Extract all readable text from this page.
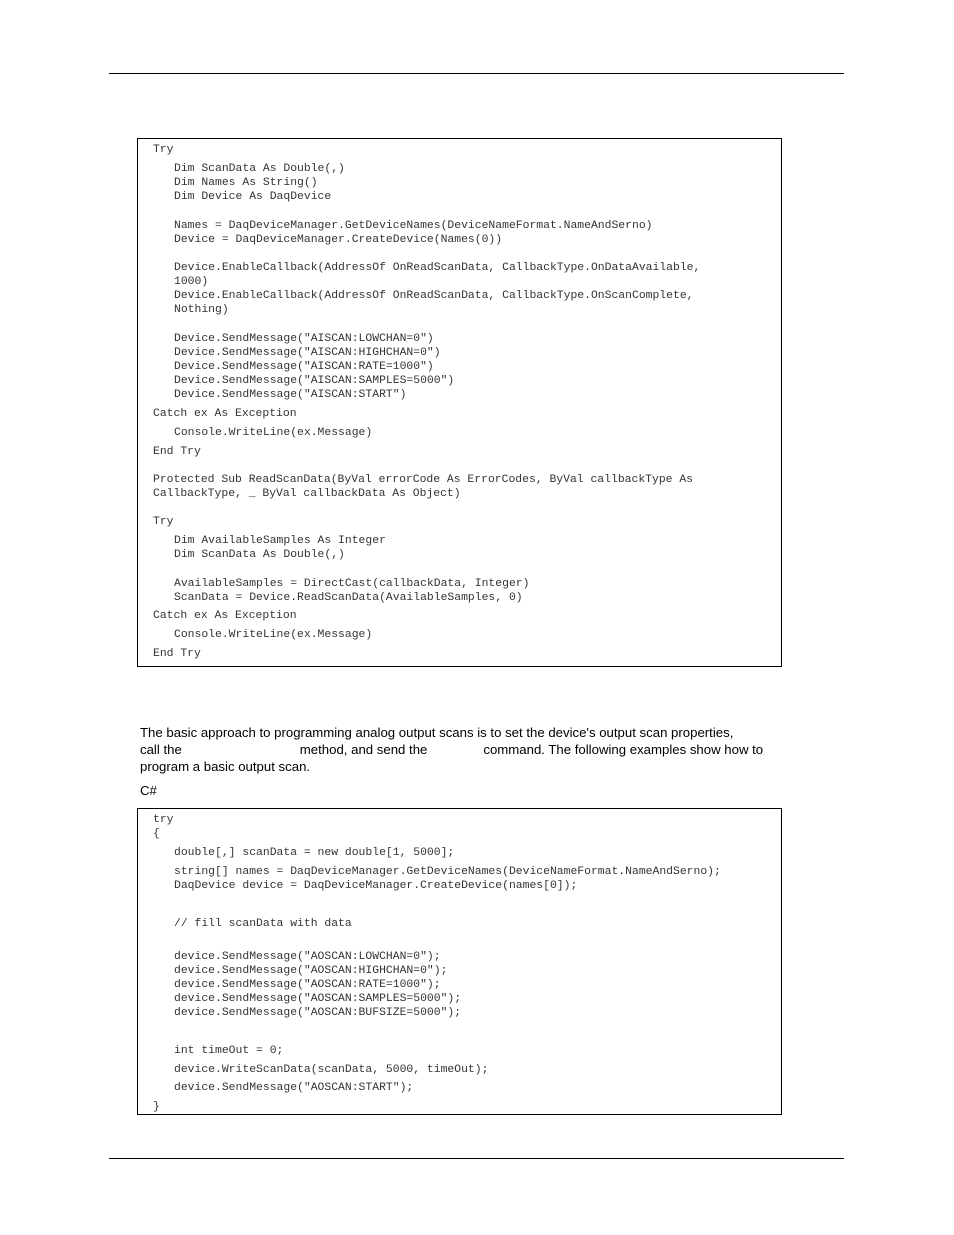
Try
Dim ScanData As Double(,)
Dim Names As String()
Dim Device As DaqDevice
Names = DaqDeviceManager.GetDeviceNames(DeviceNameFormat.NameAndSerno)
Device = DaqDeviceManager.CreateDevice(Names(0))
Device.EnableCallback(AddressOf OnReadScanData, CallbackType.OnDataAvailable,
1000)
Device.EnableCallback(AddressOf OnReadScanData, CallbackType.OnScanComplete,
Nothing)
Device.SendMessage("AISCAN:LOWCHAN=0")
Device.SendMessage("AISCAN:HIGHCHAN=0")
Device.SendMessage("AISCAN:RATE=1000")
Device.SendMessage("AISCAN:SAMPLES=5000")
Device.SendMessage("AISCAN:START")
Catch ex As Exception
Console.WriteLine(ex.Message)
End Try
Protected Sub ReadScanData(ByVal errorCode As ErrorCodes, ByVal callbackType As
CallbackType, _ ByVal callbackData As Object)
Try
Dim AvailableSamples As Integer
Dim ScanData As Double(,)
AvailableSamples = DirectCast(callbackData, Integer)
ScanData = Device.ReadScanData(AvailableSamples, 0)
Catch ex As Exception
Console.WriteLine(ex.Message)
End Try
The basic approach to programming analog output scans is to set the device's output scan properties,
call the	method, and send the	command. The following examples show how to
program a basic output scan.
C#
try
{
double[,] scanData = new double[1, 5000];
string[] names = DaqDeviceManager.GetDeviceNames(DeviceNameFormat.NameAndSerno);
DaqDevice device = DaqDeviceManager.CreateDevice(names[0]);
// fill scanData with data
device.SendMessage("AOSCAN:LOWCHAN=0");
device.SendMessage("AOSCAN:HIGHCHAN=0");
device.SendMessage("AOSCAN:RATE=1000");
device.SendMessage("AOSCAN:SAMPLES=5000");
device.SendMessage("AOSCAN:BUFSIZE=5000");
int timeOut = 0;
device.WriteScanData(scanData, 5000, timeOut);
device.SendMessage("AOSCAN:START");
}
